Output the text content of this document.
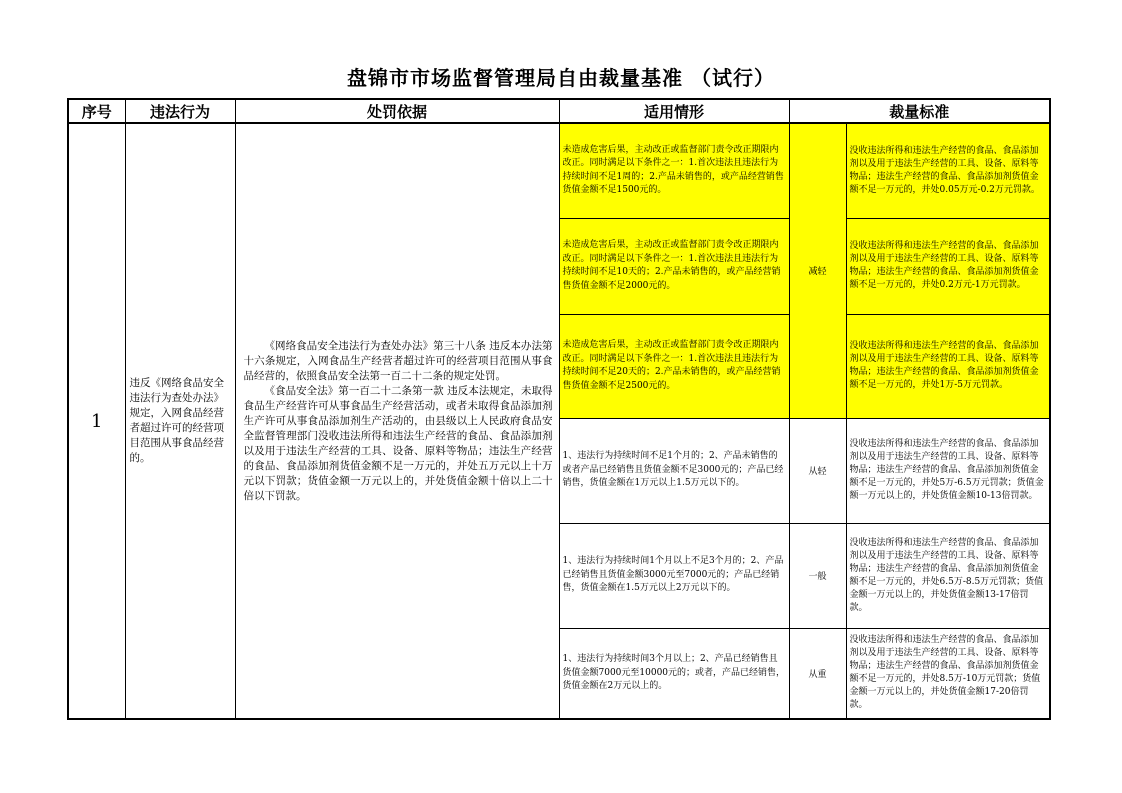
盘锦市市场监督管理局自由裁量基准 （试行）
序号	违法行为	处罚依据	适用情形	裁量标准	
1	违反《网络食品安全违法行为查处办法》规定，入网食品经营者超过许可的经营项目范围从事食品经营的。	《网络食品安全违法行为查处办法》第三十八条 违反本办法第十六条规定，入网食品生产经营者超过许可的经营项目范围从事食品经营的，依照食品安全法第一百二十二条的规定处罚。

《食品安全法》第一百二十二条第一款 违反本法规定，未取得食品生产经营许可从事食品生产经营活动，或者未取得食品添加剂生产许可从事食品添加剂生产活动的，由县级以上人民政府食品安全监督管理部门没收违法所得和违法生产经营的食品、食品添加剂以及用于违法生产经营的工具、设备、原料等物品；违法生产经营的食品、食品添加剂货值金额不足一万元的，并处五万元以上十万元以下罚款；货值金额一万元以上的，并处货值金额十倍以上二十倍以下罚款。	未造成危害后果，主动改正或监督部门责令改正期限内改正。同时满足以下条件之一：1.首次违法且违法行为持续时间不足1周的；2.产品未销售的，或产品经营销售货值金额不足1500元的。	减轻	没收违法所得和违法生产经营的食品、食品添加剂以及用于违法生产经营的工具、设备、原料等物品；违法生产经营的食品、食品添加剂货值金额不足一万元的，并处0.05万元-0.2万元罚款。
			未造成危害后果，主动改正或监督部门责令改正期限内改正。同时满足以下条件之一：1.首次违法且违法行为持续时间不足10天的；2.产品未销售的，或产品经营销售货值金额不足2000元的。		没收违法所得和违法生产经营的食品、食品添加剂以及用于违法生产经营的工具、设备、原料等物品；违法生产经营的食品、食品添加剂货值金额不足一万元的，并处0.2万元-1万元罚款。
			未造成危害后果，主动改正或监督部门责令改正期限内改正。同时满足以下条件之一：1.首次违法且违法行为持续时间不足20天的；2.产品未销售的，或产品经营销售货值金额不足2500元的。		没收违法所得和违法生产经营的食品、食品添加剂以及用于违法生产经营的工具、设备、原料等物品；违法生产经营的食品、食品添加剂货值金额不足一万元的，并处1万-5万元罚款。
			1、违法行为持续时间不足1个月的；2、产品未销售的或者产品已经销售且货值金额不足3000元的；产品已经销售，货值金额在1万元以上1.5万元以下的。	从轻	没收违法所得和违法生产经营的食品、食品添加剂以及用于违法生产经营的工具、设备、原料等物品；违法生产经营的食品、食品添加剂货值金额不足一万元的，并处5万-6.5万元罚款；货值金额一万元以上的，并处货值金额10-13倍罚款。
			1、违法行为持续时间1个月以上不足3个月的；2、产品已经销售且货值金额3000元至7000元的；产品已经销售，货值金额在1.5万元以上2万元以下的。	一般	没收违法所得和违法生产经营的食品、食品添加剂以及用于违法生产经营的工具、设备、原料等物品；违法生产经营的食品、食品添加剂货值金额不足一万元的，并处6.5万-8.5万元罚款；货值金额一万元以上的，并处货值金额13-17倍罚款。
			1、违法行为持续时间3个月以上；2、产品已经销售且货值金额7000元至10000元的；或者，产品已经销售，货值金额在2万元以上的。	从重	没收违法所得和违法生产经营的食品、食品添加剂以及用于违法生产经营的工具、设备、原料等物品；违法生产经营的食品、食品添加剂货值金额不足一万元的，并处8.5万-10万元罚款；货值金额一万元以上的，并处货值金额17-20倍罚款。
